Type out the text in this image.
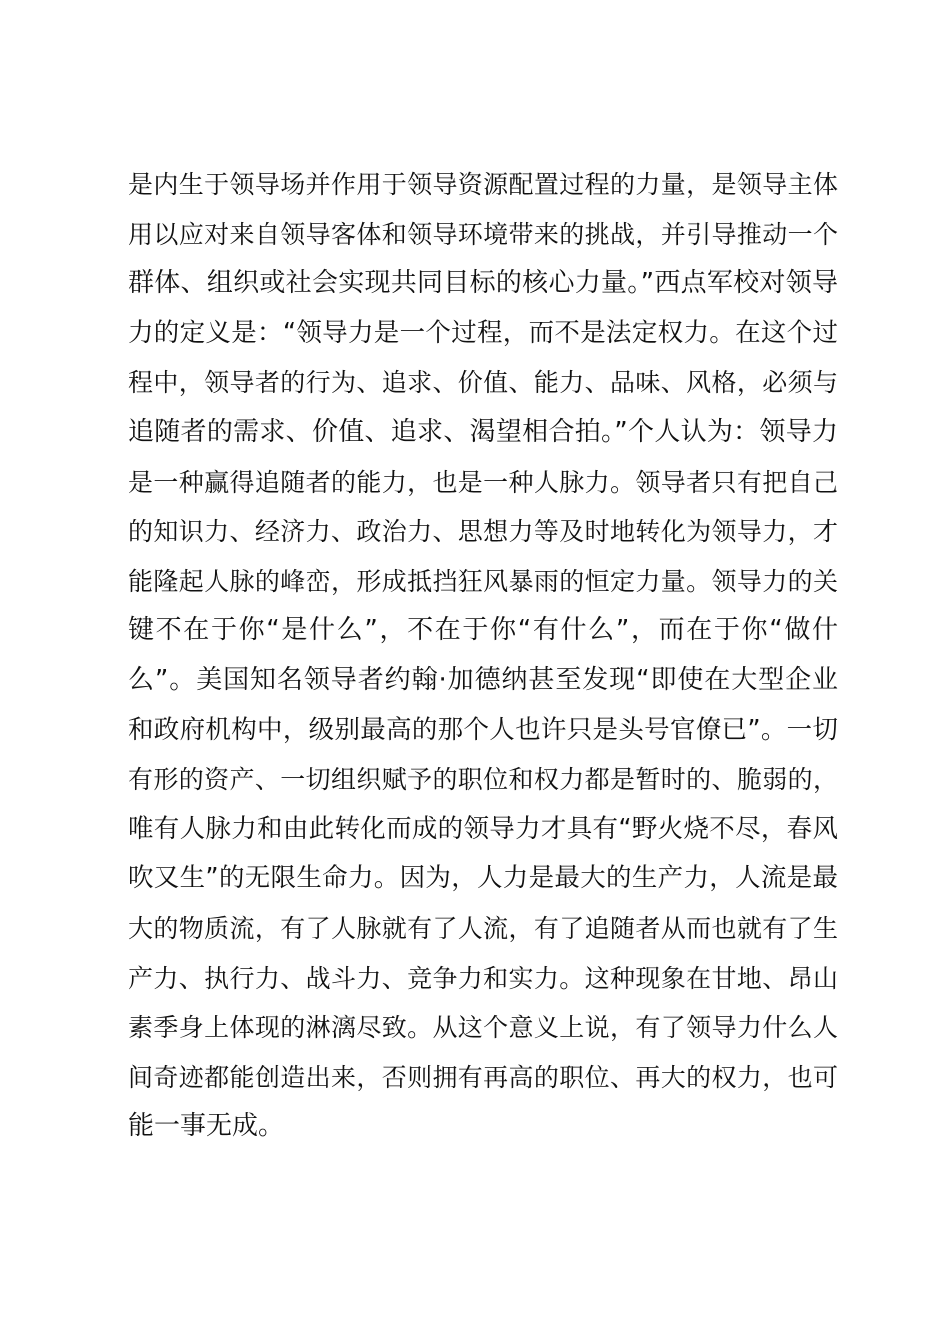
是内生于领导场并作用于领导资源配置过程的力量，是领导主体
用以应对来自领导客体和领导环境带来的挑战，并引导推动一个
群体、组织或社会实现共同目标的核心力量。”西点军校对领导
力的定义是：“领导力是一个过程，而不是法定权力。在这个过
程中，领导者的行为、追求、价值、能力、品味、风格，必须与
追随者的需求、价值、追求、渴望相合拍。”个人认为：领导力
是一种赢得追随者的能力，也是一种人脉力。领导者只有把自己
的知识力、经济力、政治力、思想力等及时地转化为领导力，才
能隆起人脉的峰峦，形成抵挡狂风暴雨的恒定力量。领导力的关
键不在于你“是什么”，不在于你“有什么”，而在于你“做什
么”。美国知名领导者约翰·加德纳甚至发现“即使在大型企业
和政府机构中，级别最高的那个人也许只是头号官僚已”。一切
有形的资产、一切组织赋予的职位和权力都是暂时的、脆弱的，
唯有人脉力和由此转化而成的领导力才具有“野火烧不尽，春风
吹又生”的无限生命力。因为，人力是最大的生产力，人流是最
大的物质流，有了人脉就有了人流，有了追随者从而也就有了生
产力、执行力、战斗力、竞争力和实力。这种现象在甘地、昂山
素季身上体现的淋漓尽致。从这个意义上说，有了领导力什么人
间奇迹都能创造出来，否则拥有再高的职位、再大的权力，也可
能一事无成。
